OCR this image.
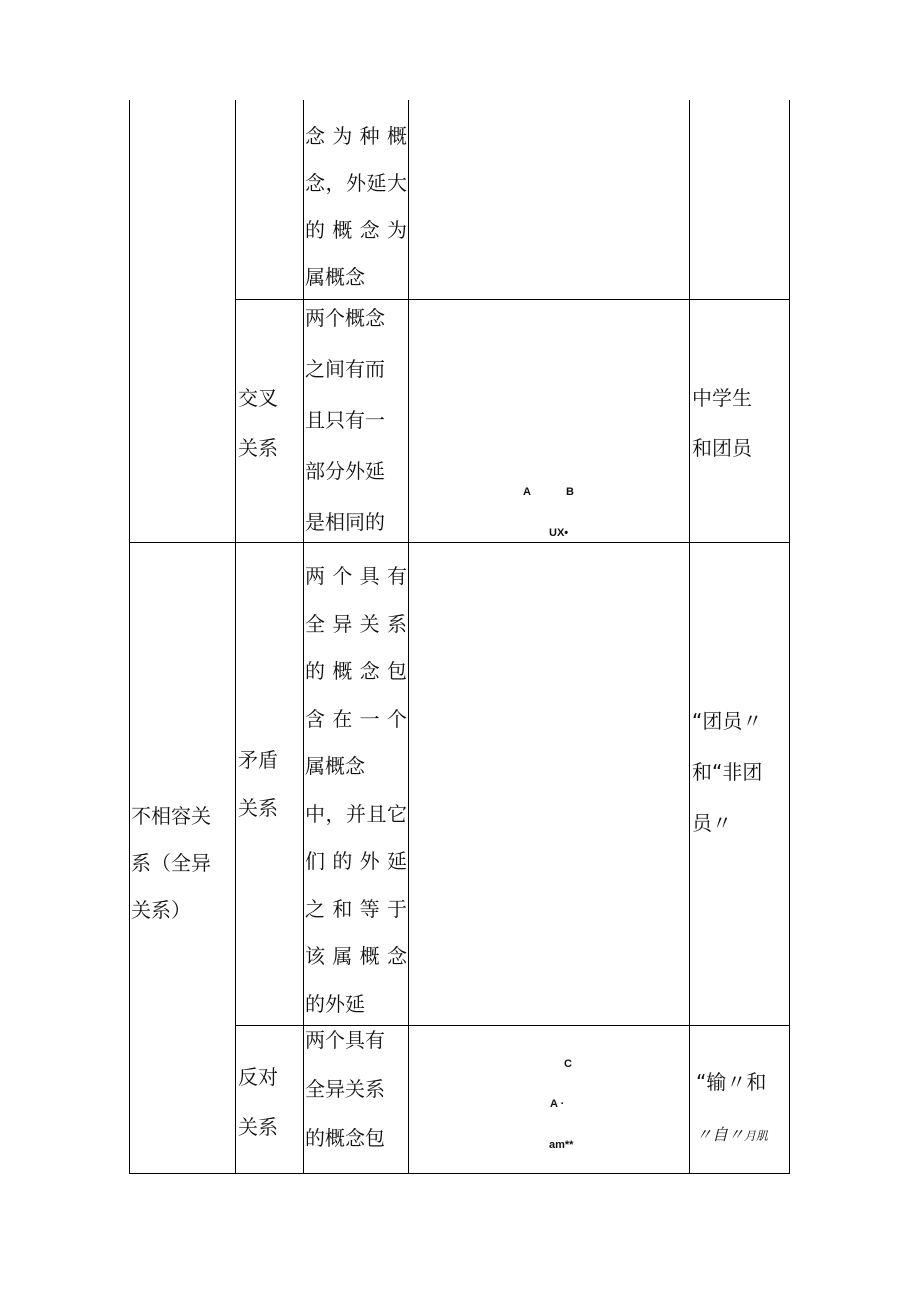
念为种概

念，外延大

的概念为

属概念

交叉

关系

两个概念

之间有而

且只有一

部分外延

是相同的

A	B
UX•

中学生

和团员

不相容关

系（全异

关系）

矛盾

关系

两个具有

全异关系

的概念包

含在一个

属概念

中，并且它

们的外延

之和等于

该属概念

的外延

“团员〃

和“非团

员〃

反对

关系

两个具有

全异关系

的概念包

C
A ·
am**

“输〃和

〃自〃月肌
